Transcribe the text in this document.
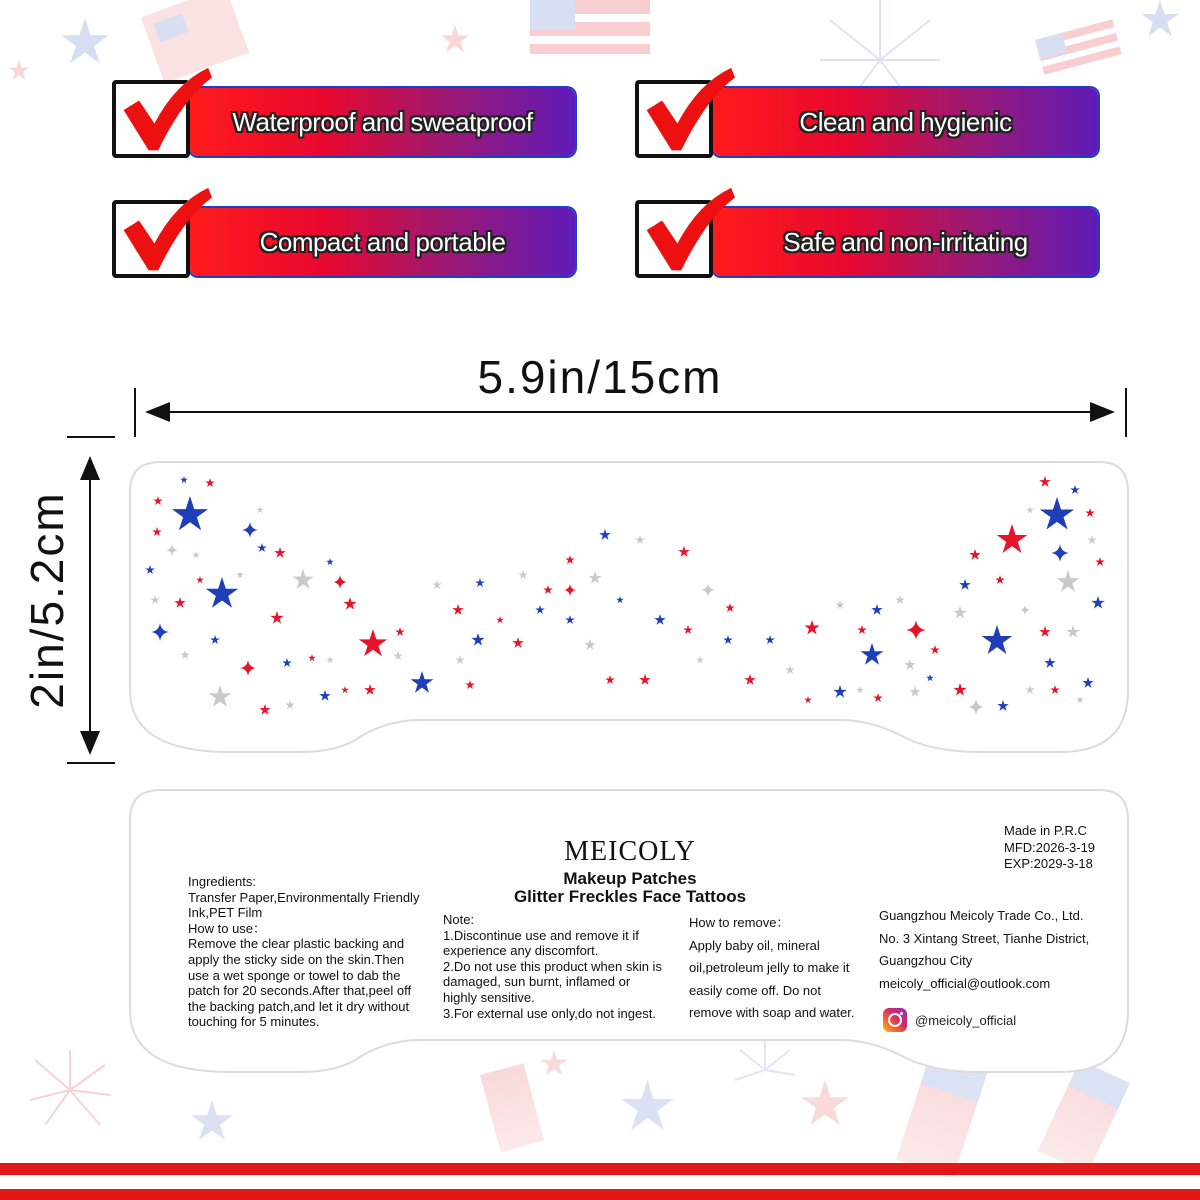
Waterproof and sweatproof	Clean and hygienic
Compact and portable	Safe and non-irritating
5.9in/15cm
2in/5.2cm
MEICOLY
Makeup Patches
Glitter Freckles Face Tattoos
Ingredients:
Transfer Paper,Environmentally Friendly
Ink,PET Film
How to use：
Remove the clear plastic backing and
apply the sticky side on the skin.Then
use a wet sponge or towel to dab the
patch for 20 seconds.After that,peel off
the backing patch,and let it dry without
touching for 5 minutes.
Note:
1.Discontinue use and remove it if
experience any discomfort.
2.Do not use this product when skin is
damaged, sun burnt, inflamed or
highly sensitive.
3.For external use only,do not ingest.
How to remove：
Apply baby oil, mineral
oil,petroleum jelly to make it
easily come off. Do not
remove with soap and water.
Made in P.R.C
MFD:2026-3-19
EXP:2029-3-18
Guangzhou Meicoly Trade Co., Ltd.
No. 3 Xintang Street, Tianhe District,
Guangzhou City
meicoly_official@outlook.com
@meicoly_official
